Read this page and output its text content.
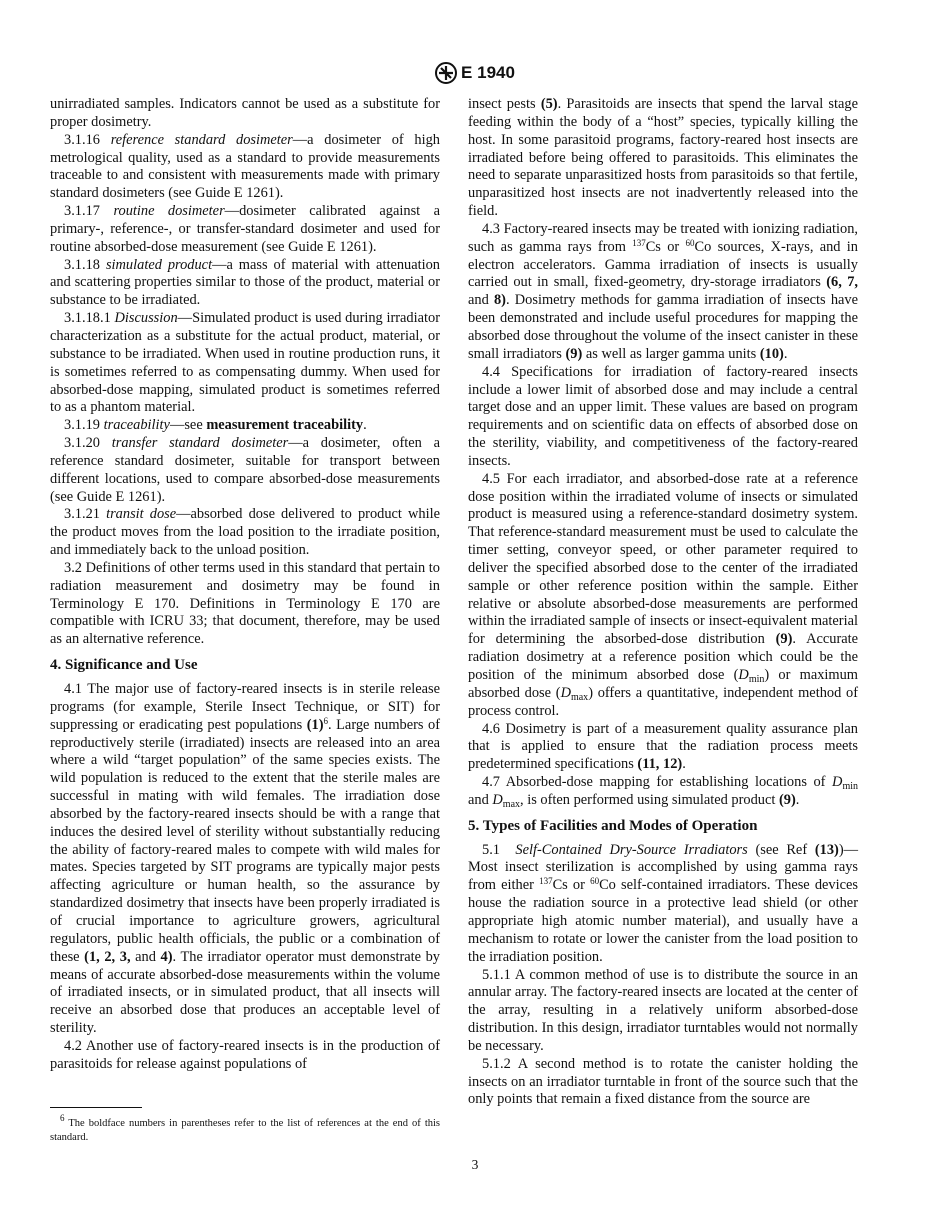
E 1940

unirradiated samples. Indicators cannot be used as a substitute for proper dosimetry.

3.1.16 reference standard dosimeter—a dosimeter of high metrological quality, used as a standard to provide measurements traceable to and consistent with measurements made with primary standard dosimeters (see Guide E 1261).

3.1.17 routine dosimeter—dosimeter calibrated against a primary-, reference-, or transfer-standard dosimeter and used for routine absorbed-dose measurement (see Guide E 1261).

3.1.18 simulated product—a mass of material with attenuation and scattering properties similar to those of the product, material or substance to be irradiated.

3.1.18.1 Discussion—Simulated product is used during irradiator characterization as a substitute for the actual product, material, or substance to be irradiated. When used in routine production runs, it is sometimes referred to as compensating dummy. When used for absorbed-dose mapping, simulated product is sometimes referred to as a phantom material.

3.1.19 traceability—see measurement traceability.

3.1.20 transfer standard dosimeter—a dosimeter, often a reference standard dosimeter, suitable for transport between different locations, used to compare absorbed-dose measurements (see Guide E 1261).

3.1.21 transit dose—absorbed dose delivered to product while the product moves from the load position to the irradiate position, and immediately back to the unload position.

3.2 Definitions of other terms used in this standard that pertain to radiation measurement and dosimetry may be found in Terminology E 170. Definitions in Terminology E 170 are compatible with ICRU 33; that document, therefore, may be used as an alternative reference.

4. Significance and Use

4.1 The major use of factory-reared insects is in sterile release programs (for example, Sterile Insect Technique, or SIT) for suppressing or eradicating pest populations $(1)^6$. Large numbers of reproductively sterile (irradiated) insects are released into an area where a wild “target population” of the same species exists. The wild population is reduced to the extent that the sterile males are successful in mating with wild females. The irradiation dose absorbed by the factory-reared insects should be with a range that induces the desired level of sterility without substantially reducing the ability of factory-reared males to compete with wild males for mates. Species targeted by SIT programs are typically major pests affecting agriculture or human health, so the assurance by standardized dosimetry that insects have been properly irradiated is of crucial importance to agriculture growers, agricultural regulators, public health officials, the public or a combination of these (1, 2, 3, and 4). The irradiator operator must demonstrate by means of accurate absorbed-dose measurements within the volume of irradiated insects, or in simulated product, that all insects will receive an absorbed dose that produces an acceptable level of sterility.

4.2 Another use of factory-reared insects is in the production of parasitoids for release against populations of

insect pests (5). Parasitoids are insects that spend the larval stage feeding within the body of a “host” species, typically killing the host. In some parasitoid programs, factory-reared host insects are irradiated before being offered to parasitoids. This eliminates the need to separate unparasitized hosts from parasitoids so that fertile, unparasitized host insects are not inadvertently released into the field.

4.3 Factory-reared insects may be treated with ionizing radiation, such as gamma rays from $^{137}$Cs or $^{60}$Co sources, X-rays, and in electron accelerators. Gamma irradiation of insects is usually carried out in small, fixed-geometry, dry-storage irradiators (6, 7, and 8). Dosimetry methods for gamma irradiation of insects have been demonstrated and include useful procedures for mapping the absorbed dose throughout the volume of the insect canister in these small irradiators (9) as well as larger gamma units (10).

4.4 Specifications for irradiation of factory-reared insects include a lower limit of absorbed dose and may include a central target dose and an upper limit. These values are based on program requirements and on scientific data on effects of absorbed dose on the sterility, viability, and competitiveness of the factory-reared insects.

4.5 For each irradiator, and absorbed-dose rate at a reference dose position within the irradiated volume of insects or simulated product is measured using a reference-standard dosimetry system. That reference-standard measurement must be used to calculate the timer setting, conveyor speed, or other parameter required to deliver the specified absorbed dose to the center of the irradiated sample or other reference position within the sample. Either relative or absolute absorbed-dose measurements are performed within the irradiated sample of insects or insect-equivalent material for determining the absorbed-dose distribution (9). Accurate radiation dosimetry at a reference position which could be the position of the minimum absorbed dose $(D_{min})$ or maximum absorbed dose $(D_{max})$ offers a quantitative, independent method of process control.

4.6 Dosimetry is part of a measurement quality assurance plan that is applied to ensure that the radiation process meets predetermined specifications (11, 12).

4.7 Absorbed-dose mapping for establishing locations of $D_{min}$ and $D_{max}$, is often performed using simulated product (9).

5. Types of Facilities and Modes of Operation

5.1 Self-Contained Dry-Source Irradiators (see Ref (13))—Most insect sterilization is accomplished by using gamma rays from either $^{137}$Cs or $^{60}$Co self-contained irradiators. These devices house the radiation source in a protective lead shield (or other appropriate high atomic number material), and usually have a mechanism to rotate or lower the canister from the load position to the irradiation position.

5.1.1 A common method of use is to distribute the source in an annular array. The factory-reared insects are located at the center of the array, resulting in a relatively uniform absorbed-dose distribution. In this design, irradiator turntables would not normally be necessary.

5.1.2 A second method is to rotate the canister holding the insects on an irradiator turntable in front of the source such that the only points that remain a fixed distance from the source are

$^6$ The boldface numbers in parentheses refer to the list of references at the end of this standard.

3
